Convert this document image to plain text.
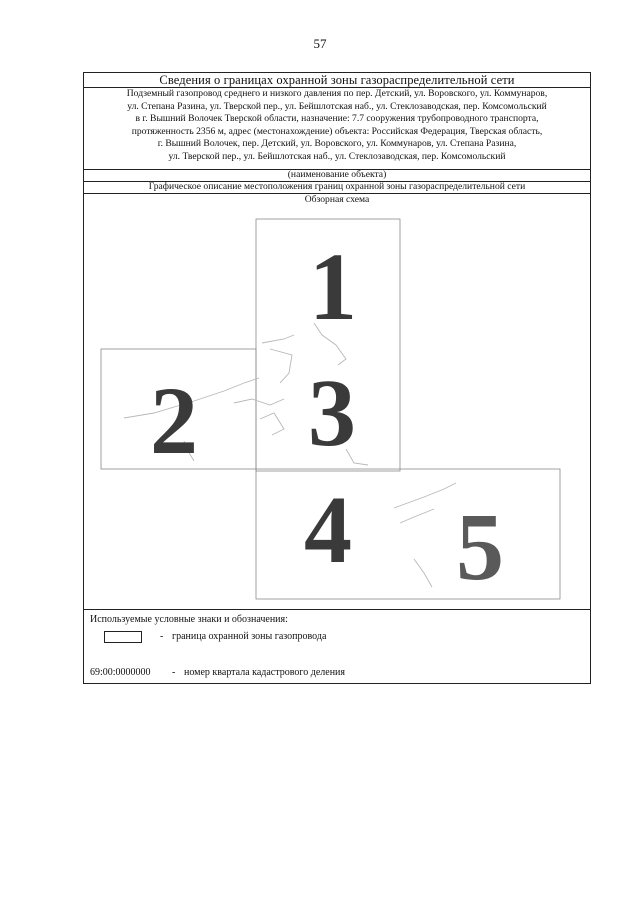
57
Сведения о границах охранной зоны газораспределительной сети
Подземный газопровод среднего и низкого давления по пер. Детский, ул. Воровского, ул. Коммунаров,
ул. Степана Разина, ул. Тверской пер., ул. Бейшлотская наб., ул. Стеклозаводская, пер. Комсомольский
в г. Вышний Волочек Тверской области, назначение: 7.7 сооружения трубопроводного транспорта,
протяженность 2356 м, адрес (местонахождение) объекта: Российская Федерация, Тверская область,
г. Вышний Волочек, пер. Детский, ул. Воровского, ул. Коммунаров, ул. Степана Разина,
ул. Тверской пер., ул. Бейшлотская наб., ул. Стеклозаводская, пер. Комсомольский
(наименование объекта)
Графическое описание местоположения границ охранной зоны газораспределительной сети
Обзорная схема
1
2 3
4 5
Используемые условные знаки и обозначения:
- граница охранной зоны газопровода
69:00:0000000 - номер квартала кадастрового деления
